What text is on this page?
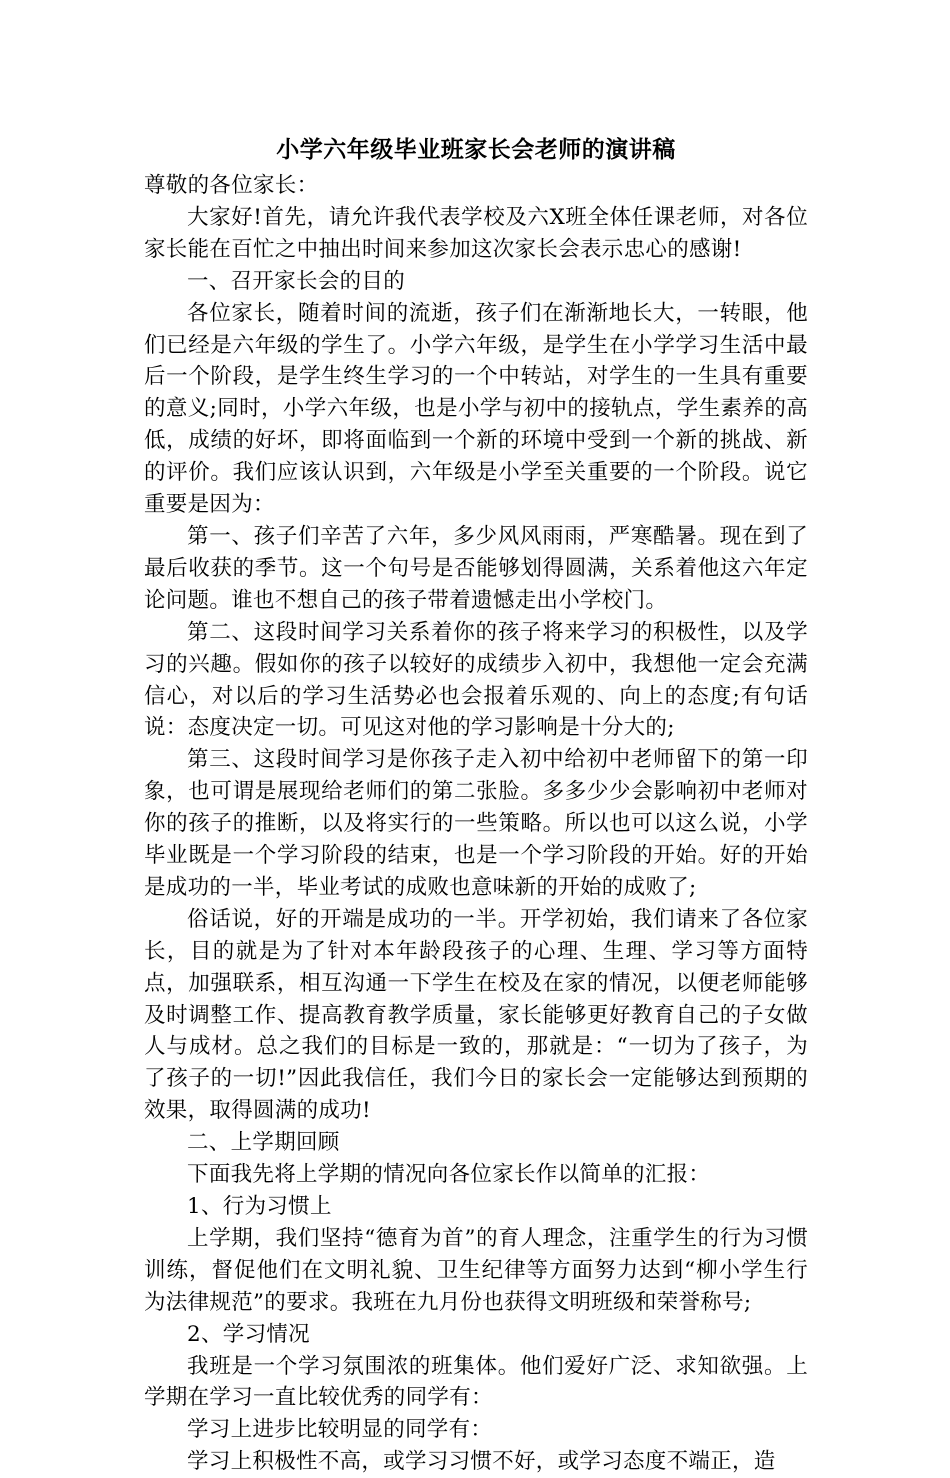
小学六年级毕业班家长会老师的演讲稿

尊敬的各位家长：

大家好!首先，请允许我代表学校及六X班全体任课老师，对各位家长能在百忙之中抽出时间来参加这次家长会表示忠心的感谢!

一、召开家长会的目的

各位家长，随着时间的流逝，孩子们在渐渐地长大，一转眼，他们已经是六年级的学生了。小学六年级，是学生在小学学习生活中最后一个阶段，是学生终生学习的一个中转站，对学生的一生具有重要的意义;同时，小学六年级，也是小学与初中的接轨点，学生素养的高低，成绩的好坏，即将面临到一个新的环境中受到一个新的挑战、新的评价。我们应该认识到，六年级是小学至关重要的一个阶段。说它重要是因为：

第一、孩子们辛苦了六年，多少风风雨雨，严寒酷暑。现在到了最后收获的季节。这一个句号是否能够划得圆满，关系着他这六年定论问题。谁也不想自己的孩子带着遗憾走出小学校门。

第二、这段时间学习关系着你的孩子将来学习的积极性，以及学习的兴趣。假如你的孩子以较好的成绩步入初中，我想他一定会充满信心，对以后的学习生活势必也会报着乐观的、向上的态度;有句话说：态度决定一切。可见这对他的学习影响是十分大的;

第三、这段时间学习是你孩子走入初中给初中老师留下的第一印象，也可谓是展现给老师们的第二张脸。多多少少会影响初中老师对你的孩子的推断，以及将实行的一些策略。所以也可以这么说，小学毕业既是一个学习阶段的结束，也是一个学习阶段的开始。好的开始是成功的一半，毕业考试的成败也意味新的开始的成败了;

俗话说，好的开端是成功的一半。开学初始，我们请来了各位家长，目的就是为了针对本年龄段孩子的心理、生理、学习等方面特点，加强联系，相互沟通一下学生在校及在家的情况，以便老师能够及时调整工作、提高教育教学质量，家长能够更好教育自己的子女做人与成材。总之我们的目标是一致的，那就是：“一切为了孩子，为了孩子的一切!”因此我信任，我们今日的家长会一定能够达到预期的效果，取得圆满的成功!

二、上学期回顾

下面我先将上学期的情况向各位家长作以简单的汇报：

1、行为习惯上

上学期，我们坚持“德育为首”的育人理念，注重学生的行为习惯训练，督促他们在文明礼貌、卫生纪律等方面努力达到“柳小学生行为法律规范”的要求。我班在九月份也获得文明班级和荣誉称号;

2、学习情况

我班是一个学习氛围浓的班集体。他们爱好广泛、求知欲强。上学期在学习一直比较优秀的同学有：

学习上进步比较明显的同学有：

学习上积极性不高，或学习习惯不好，或学习态度不端正，造
